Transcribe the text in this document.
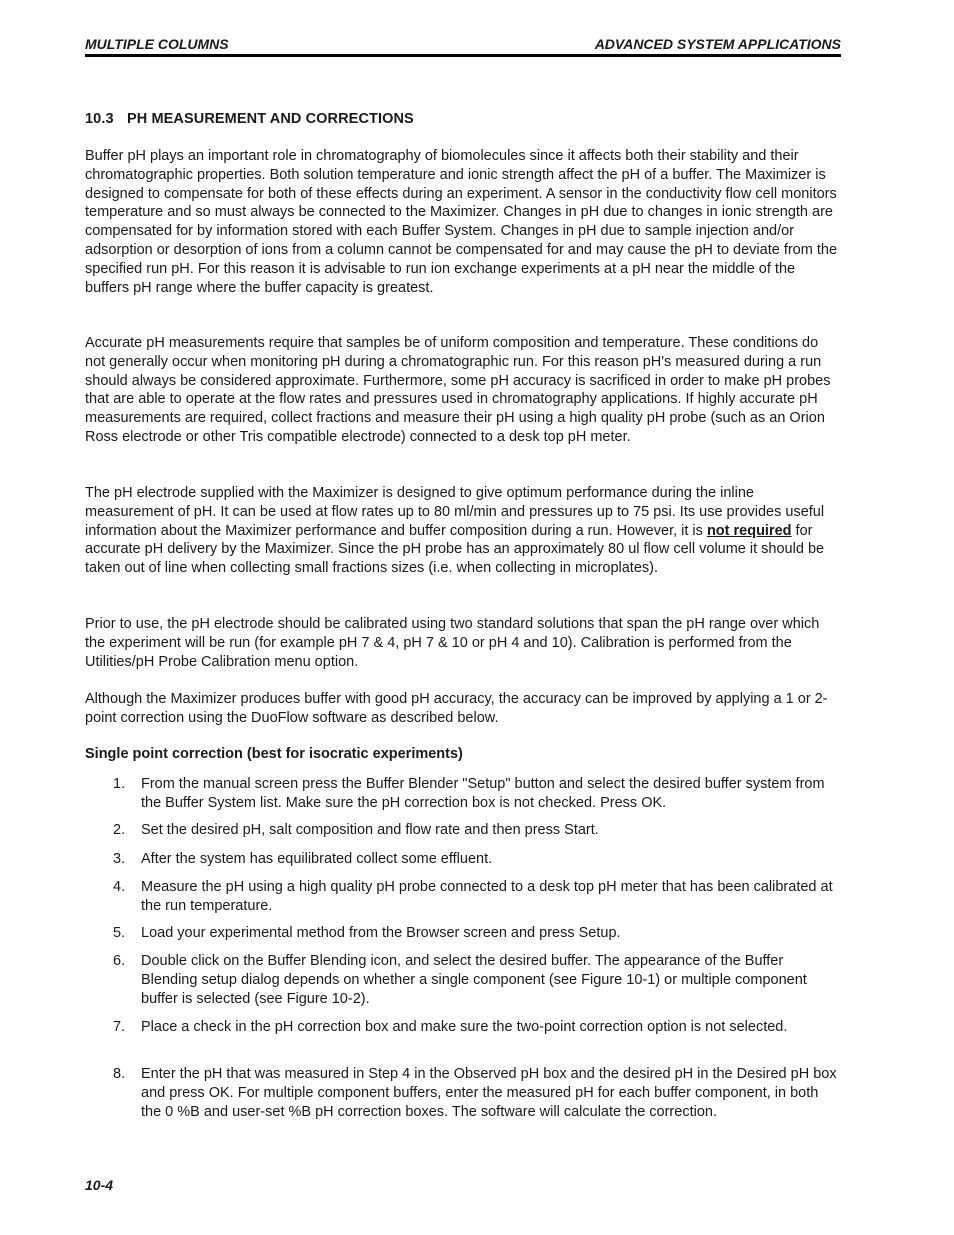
MULTIPLE COLUMNS	ADVANCED SYSTEM APPLICATIONS
10.3 PH MEASUREMENT AND CORRECTIONS

Buffer pH plays an important role in chromatography of biomolecules since it affects both their stability and their chromatographic properties. Both solution temperature and ionic strength affect the pH of a buffer. The Maximizer is designed to compensate for both of these effects during an experiment. A sensor in the conductivity flow cell monitors temperature and so must always be connected to the Maximizer. Changes in pH due to changes in ionic strength are compensated for by information stored with each Buffer System. Changes in pH due to sample injection and/or adsorption or desorption of ions from a column cannot be compensated for and may cause the pH to deviate from the specified run pH. For this reason it is advisable to run ion exchange experiments at a pH near the middle of the buffers pH range where the buffer capacity is greatest.

Accurate pH measurements require that samples be of uniform composition and temperature. These conditions do not generally occur when monitoring pH during a chromatographic run. For this reason pH's measured during a run should always be considered approximate. Furthermore, some pH accuracy is sacrificed in order to make pH probes that are able to operate at the flow rates and pressures used in chromatography applications. If highly accurate pH measurements are required, collect fractions and measure their pH using a high quality pH probe (such as an Orion Ross electrode or other Tris compatible electrode) connected to a desk top pH meter.

The pH electrode supplied with the Maximizer is designed to give optimum performance during the inline measurement of pH. It can be used at flow rates up to 80 ml/min and pressures up to 75 psi. Its use provides useful information about the Maximizer performance and buffer composition during a run. However, it is not required for accurate pH delivery by the Maximizer. Since the pH probe has an approximately 80 ul flow cell volume it should be taken out of line when collecting small fractions sizes (i.e. when collecting in microplates).

Prior to use, the pH electrode should be calibrated using two standard solutions that span the pH range over which the experiment will be run (for example pH 7 & 4, pH 7 & 10 or pH 4 and 10). Calibration is performed from the Utilities/pH Probe Calibration menu option.

Although the Maximizer produces buffer with good pH accuracy, the accuracy can be improved by applying a 1 or 2-point correction using the DuoFlow software as described below.

Single point correction (best for isocratic experiments)
1. From the manual screen press the Buffer Blender "Setup" button and select the desired buffer system from the Buffer System list. Make sure the pH correction box is not checked. Press OK.
2. Set the desired pH, salt composition and flow rate and then press Start.
3. After the system has equilibrated collect some effluent.
4. Measure the pH using a high quality pH probe connected to a desk top pH meter that has been calibrated at the run temperature.
5. Load your experimental method from the Browser screen and press Setup.
6. Double click on the Buffer Blending icon, and select the desired buffer. The appearance of the Buffer Blending setup dialog depends on whether a single component (see Figure 10-1) or multiple component buffer is selected (see Figure 10-2).
7. Place a check in the pH correction box and make sure the two-point correction option is not selected.
8. Enter the pH that was measured in Step 4 in the Observed pH box and the desired pH in the Desired pH box and press OK. For multiple component buffers, enter the measured pH for each buffer component, in both the 0 %B and user-set %B pH correction boxes. The software will calculate the correction.
10-4
